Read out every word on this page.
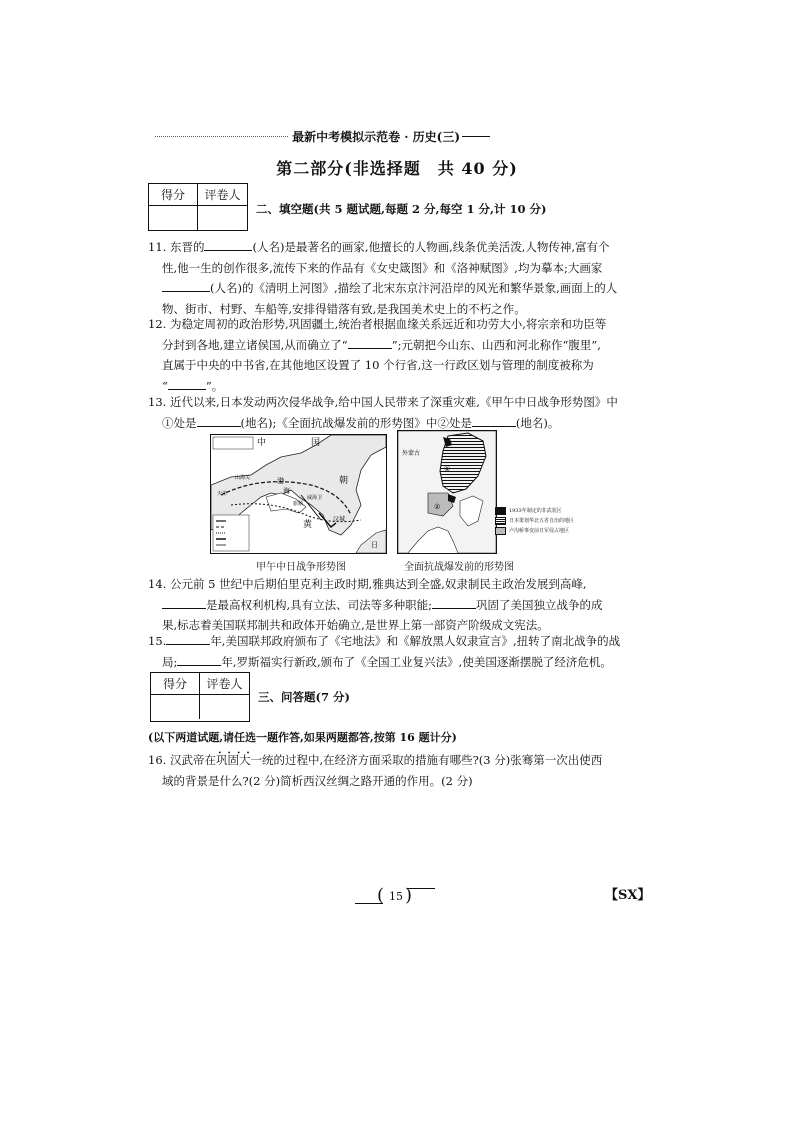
最新中考模拟示范卷 · 历史(三)
第二部分(非选择题　共 40 分)
得分	评卷人
二、填空题(共 5 题试题,每题 2 分,每空 1 分,计 10 分)

11. 东晋的	(人名)是最著名的画家,他擅长的人物画,线条优美活泼,人物传神,富有个

性,他一生的创作很多,流传下来的作品有《女史箴图》和《洛神赋图》,均为摹本;大画家

(人名)的《清明上河图》,描绘了北宋东京汴河沿岸的风光和繁华景象,画面上的人

物、街市、村野、车船等,安排得错落有致,是我国美术史上的不朽之作。

12. 为稳定周初的政治形势,巩固疆土,统治者根据血缘关系远近和功劳大小,将宗亲和功臣等

分封到各地,建立诸侯国,从而确立了“	”;元朝把今山东、山西和河北称作“腹里”,

直属于中央的中书省,在其他地区设置了 10 个行省,这一行政区划与管理的制度被称为

“	”。

13. 近代以来,日本发动两次侵华战争,给中国人民带来了深重灾难,《甲午中日战争形势图》中

①处是	(地名);《全面抗战爆发前的形势图》中②处是	(地名)。

中	国
朝
渤
海
黄
汉城
日
山海关
天津
旅顺
威海卫
外蒙古
①
②	1933年制定的非武装区
日本策划华北五省自治的地区
卢沟桥事变前日军侵占地区
甲午中日战争形势图	全面抗战爆发前的形势图

14. 公元前 5 世纪中后期伯里克利主政时期,雅典达到全盛,奴隶制民主政治发展到高峰,

是最高权利机构,具有立法、司法等多种职能;	巩固了美国独立战争的成

果,标志着美国联邦制共和政体开始确立,是世界上第一部资产阶级成文宪法。

15.	年,美国联邦政府颁布了《宅地法》和《解放黑人奴隶宣言》,扭转了南北战争的战

局;	年,罗斯福实行新政,颁布了《全国工业复兴法》,使美国逐渐摆脱了经济危机。

得分	评卷人
三、问答题(7 分)
(以下两道试题,请任选一题作答,如果两题都答,按第 16 题计分)

16. 汉武帝在巩固大一统 • • • •的过程中,在经济方面采取的措施有哪些?(3 分)张骞第一次出使西

域的背景是什么?(2 分)简析西汉丝绸之路开通的作用。(2 分)

( 15 )	【SX】
